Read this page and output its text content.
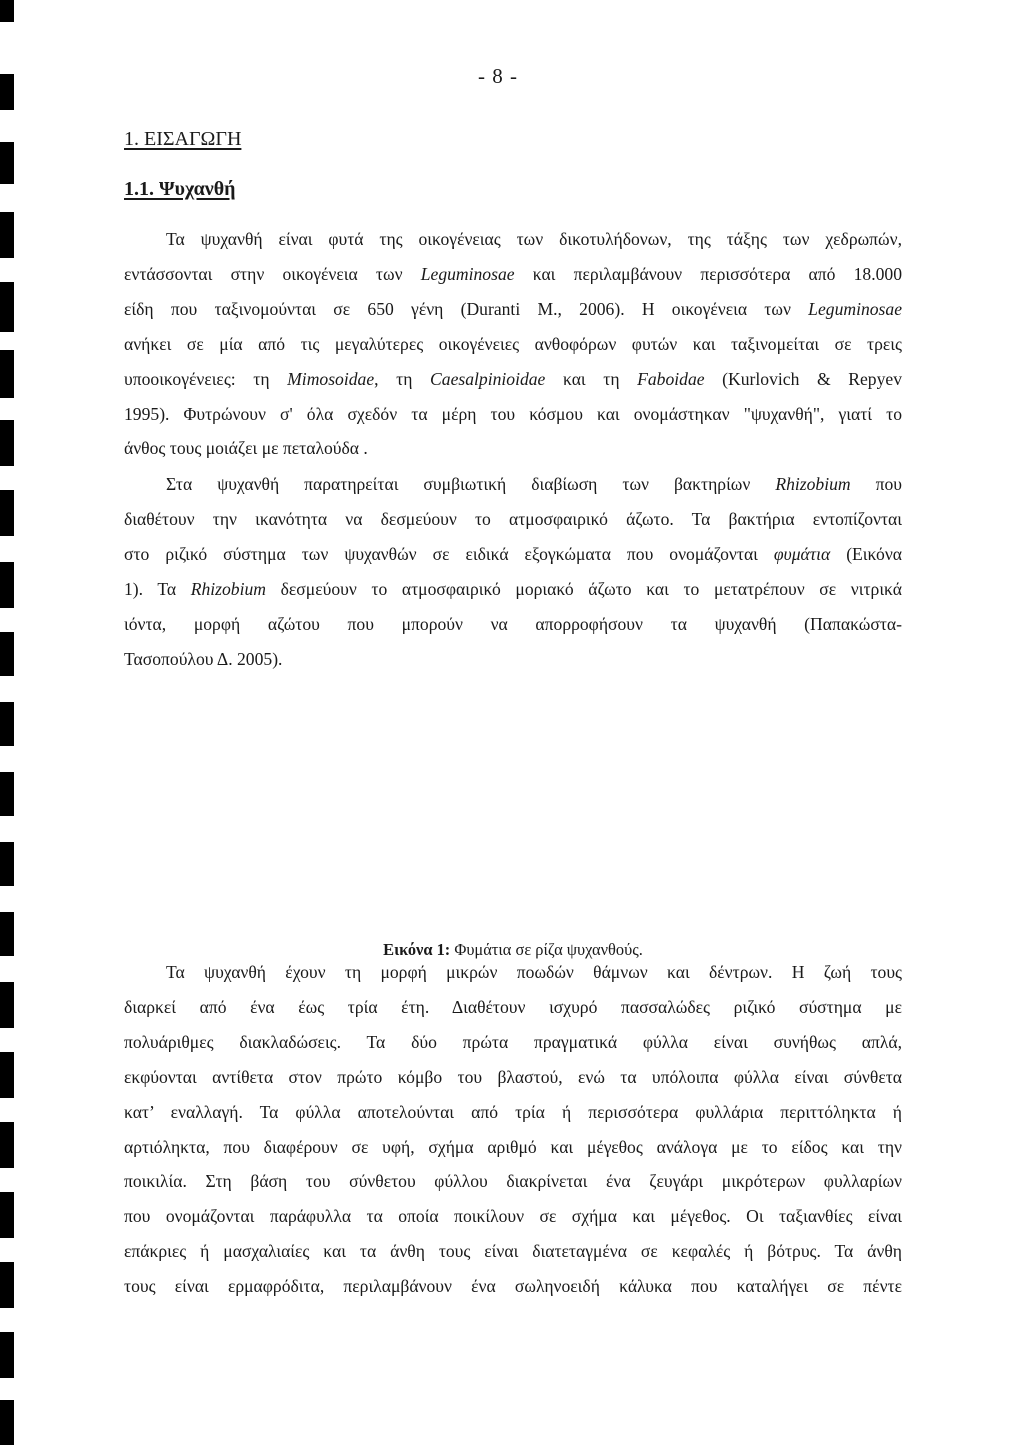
- 8 -
1. ΕΙΣΑΓΩΓΗ
1.1. Ψυχανθή
Τα ψυχανθή είναι φυτά της οικογένειας των δικοτυλήδονων, της τάξης των χεδρωπών,
εντάσσονται στην οικογένεια των Leguminosae και περιλαμβάνουν περισσότερα από 18.000
είδη που ταξινομούνται σε 650 γένη (Duranti M., 2006). Η οικογένεια των Leguminosae
ανήκει σε μία από τις μεγαλύτερες οικογένειες ανθοφόρων φυτών και ταξινομείται σε τρεις
υποοικογένειες: τη Mimosoidae, τη Caesalpinioidae και τη Faboidae (Kurlovich & Repyev
1995). Φυτρώνουν σ' όλα σχεδόν τα μέρη του κόσμου και ονομάστηκαν "ψυχανθή", γιατί το
άνθος τους μοιάζει με πεταλούδα .
Στα ψυχανθή παρατηρείται συμβιωτική διαβίωση των βακτηρίων Rhizobium που
διαθέτουν την ικανότητα να δεσμεύουν το ατμοσφαιρικό άζωτο. Τα βακτήρια εντοπίζονται
στο ριζικό σύστημα των ψυχανθών σε ειδικά εξογκώματα που ονομάζονται φυμάτια (Εικόνα
1). Τα Rhizobium δεσμεύουν το ατμοσφαιρικό μοριακό άζωτο και το μετατρέπουν σε νιτρικά
ιόντα, μορφή αζώτου που μπορούν να απορροφήσουν τα ψυχανθή (Παπακώστα-
Τασοπούλου Δ. 2005).
Εικόνα 1: Φυμάτια σε ρίζα ψυχανθούς.
Τα ψυχανθή έχουν τη μορφή μικρών ποωδών θάμνων και δέντρων. Η ζωή τους
διαρκεί από ένα έως τρία έτη. Διαθέτουν ισχυρό πασσαλώδες ριζικό σύστημα με
πολυάριθμες διακλαδώσεις. Τα δύο πρώτα πραγματικά φύλλα είναι συνήθως απλά,
εκφύονται αντίθετα στον πρώτο κόμβο του βλαστού, ενώ τα υπόλοιπα φύλλα είναι σύνθετα
κατ’ εναλλαγή. Τα φύλλα αποτελούνται από τρία ή περισσότερα φυλλάρια περιττόληκτα ή
αρτιόληκτα, που διαφέρουν σε υφή, σχήμα αριθμό και μέγεθος ανάλογα με το είδος και την
ποικιλία. Στη βάση του σύνθετου φύλλου διακρίνεται ένα ζευγάρι μικρότερων φυλλαρίων
που ονομάζονται παράφυλλα τα οποία ποικίλουν σε σχήμα και μέγεθος. Οι ταξιανθίες είναι
επάκριες ή μασχαλιαίες και τα άνθη τους είναι διατεταγμένα σε κεφαλές ή βότρυς. Τα άνθη
τους είναι ερμαφρόδιτα, περιλαμβάνουν ένα σωληνοειδή κάλυκα που καταλήγει σε πέντε
